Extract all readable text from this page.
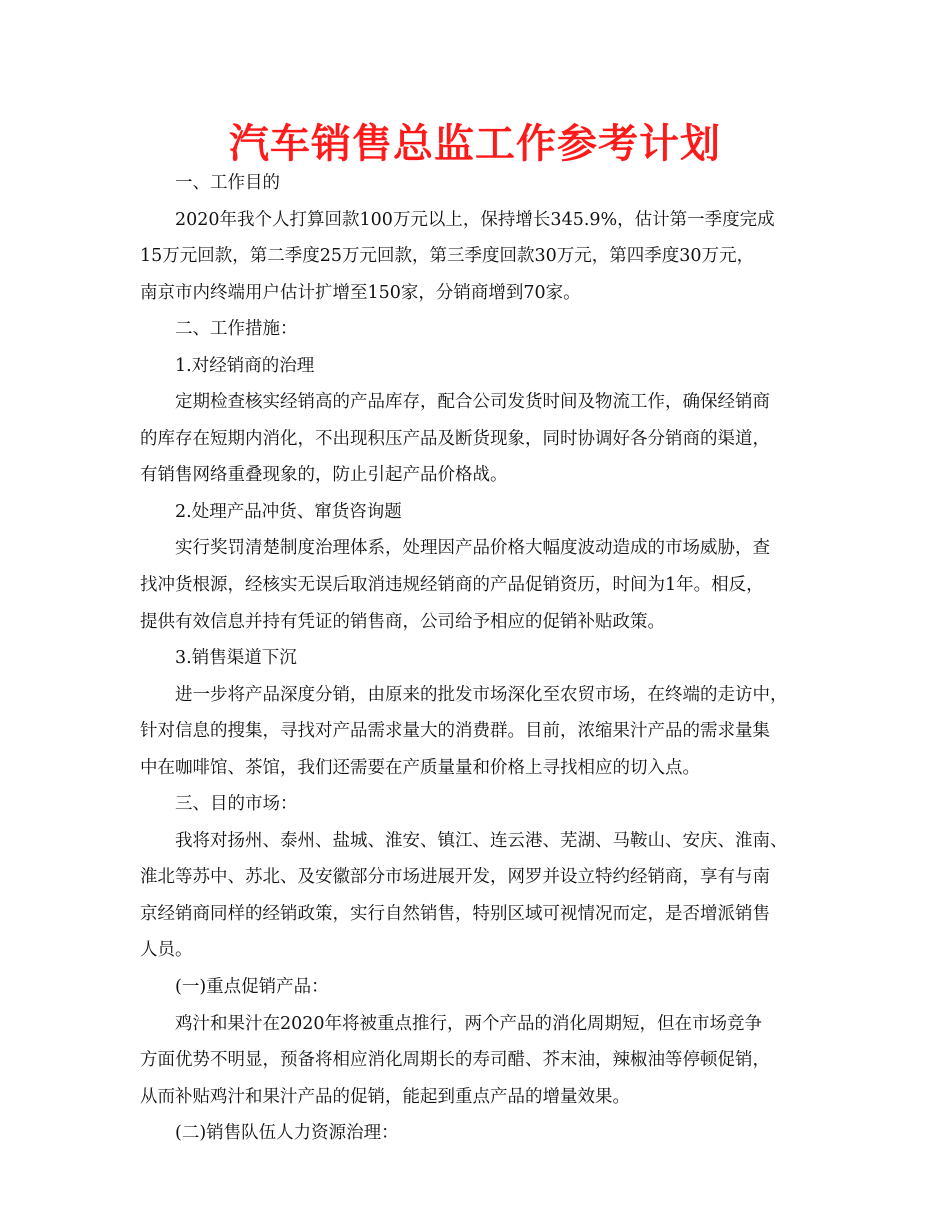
汽车销售总监工作参考计划
一、工作目的
2020年我个人打算回款100万元以上，保持增长345.9%，估计第一季度完成
15万元回款，第二季度25万元回款，第三季度回款30万元，第四季度30万元，
南京市内终端用户估计扩增至150家，分销商增到70家。
二、工作措施：
1.对经销商的治理
定期检查核实经销高的产品库存，配合公司发货时间及物流工作，确保经销商
的库存在短期内消化，不出现积压产品及断货现象，同时协调好各分销商的渠道，
有销售网络重叠现象的，防止引起产品价格战。
2.处理产品冲货、窜货咨询题
实行奖罚清楚制度治理体系，处理因产品价格大幅度波动造成的市场威胁，查
找冲货根源，经核实无误后取消违规经销商的产品促销资历，时间为1年。相反，
提供有效信息并持有凭证的销售商，公司给予相应的促销补贴政策。
3.销售渠道下沉
进一步将产品深度分销，由原来的批发市场深化至农贸市场，在终端的走访中，
针对信息的搜集，寻找对产品需求量大的消费群。目前，浓缩果汁产品的需求量集
中在咖啡馆、茶馆，我们还需要在产质量量和价格上寻找相应的切入点。
三、目的市场：
我将对扬州、泰州、盐城、淮安、镇江、连云港、芜湖、马鞍山、安庆、淮南、
淮北等苏中、苏北、及安徽部分市场进展开发，网罗并设立特约经销商，享有与南
京经销商同样的经销政策，实行自然销售，特别区域可视情况而定，是否增派销售
人员。
(一)重点促销产品：
鸡汁和果汁在2020年将被重点推行，两个产品的消化周期短，但在市场竞争
方面优势不明显，预备将相应消化周期长的寿司醋、芥末油，辣椒油等停顿促销，
从而补贴鸡汁和果汁产品的促销，能起到重点产品的增量效果。
(二)销售队伍人力资源治理：
